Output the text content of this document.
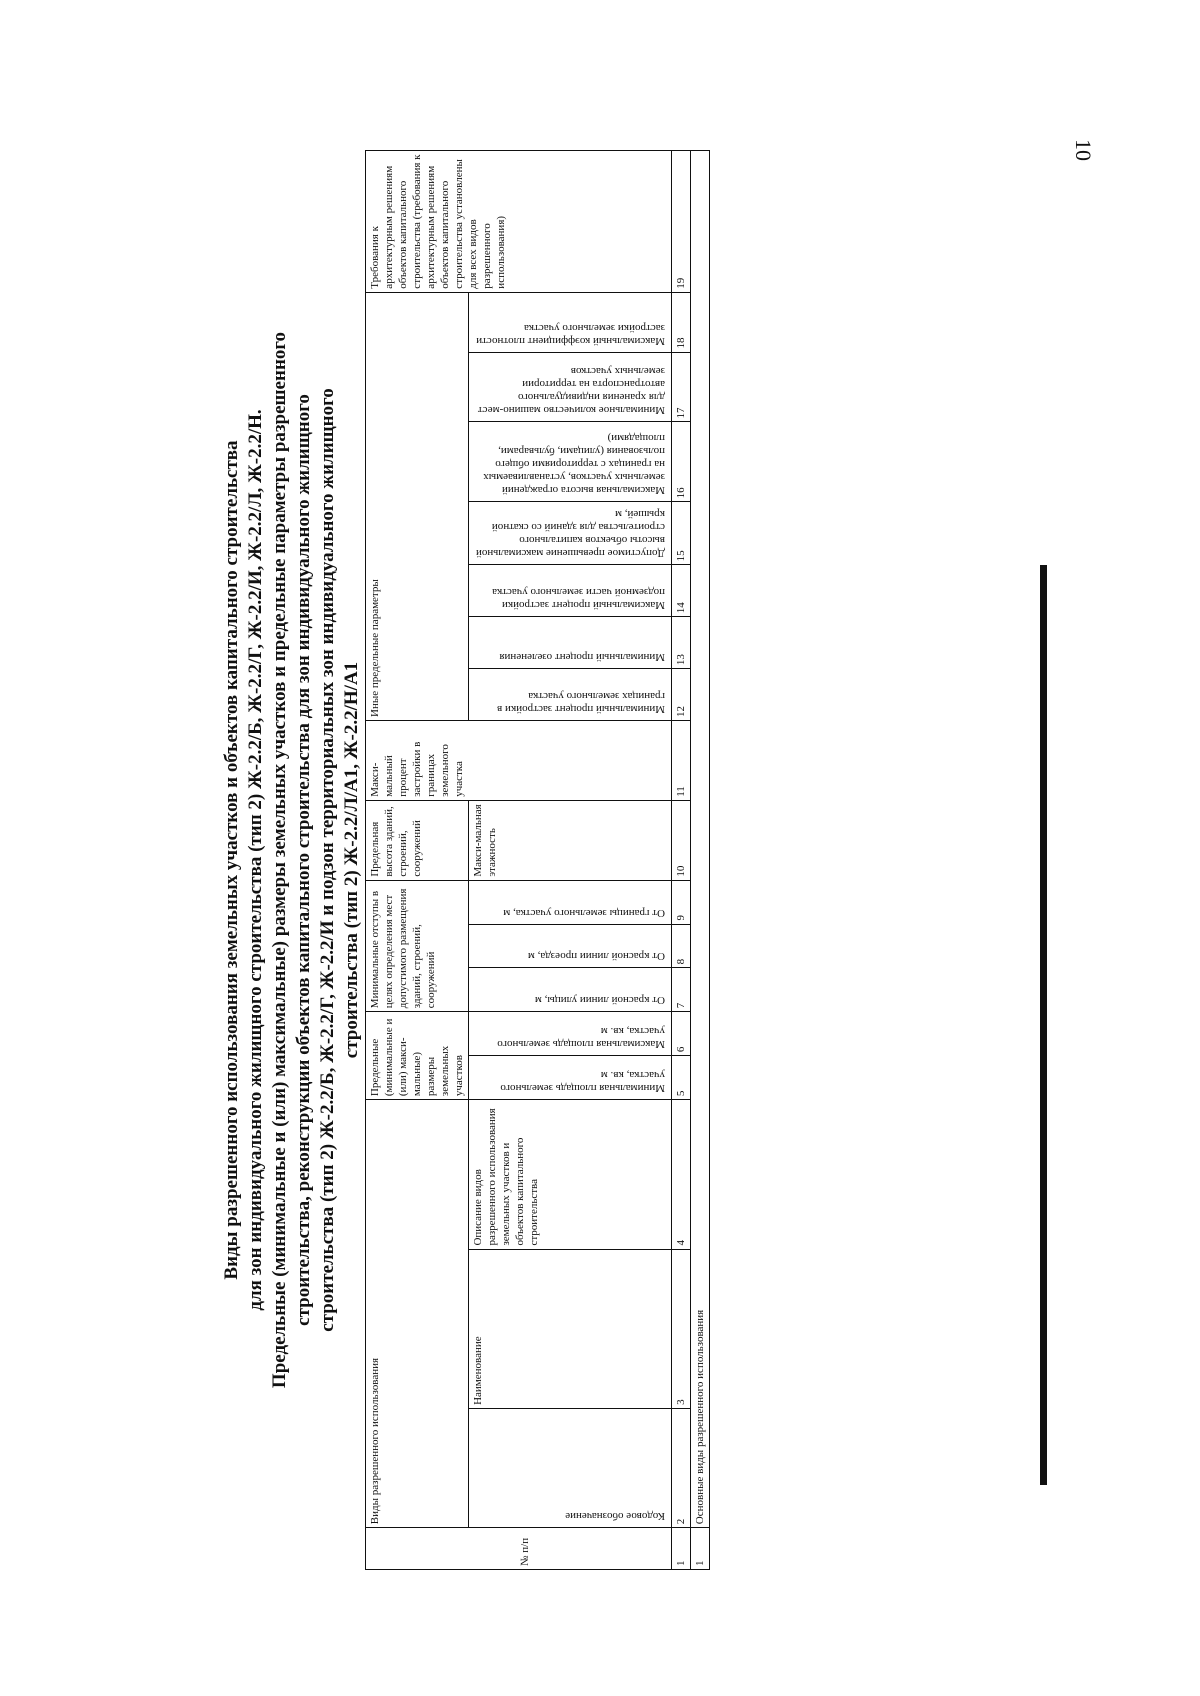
10
Виды разрешенного использования земельных участков и объектов капитального строительства для зон индивидуального жилищного строительства (тип 2) Ж-2.2/Б, Ж-2.2/Г, Ж-2.2/И, Ж-2.2/Л, Ж-2.2/Н. Предельные (минимальные и (или) максимальные) размеры земельных участков и предельные параметры разрешенного строительства, реконструкции объектов капитального строительства для зон индивидуального жилищного строительства (тип 2) Ж-2.2/Б, Ж-2.2/Г, Ж-2.2/И и подзон территориальных зон индивидуального жилищного строительства (тип 2) Ж-2.2/Л/А1, Ж-2.2/Н/А1
№ п/п	Виды разрешенного использования			Предельные (минимальные и (или) макси-мальные) размеры земельных участков		Минимальные отступы в целях определения мест допустимого размещения зданий, строений, сооружений			Предельная высота зданий, строений, сооружений	Макси-мальный процент застройки в границах земельного участка	Иные предельные параметры							Требования к архитектурным решениям объектов капитального строительства (требования к архитектурным решениям объектов капитального строительства установлены для всех видов разрешенного использования)

	Кодовое обозначение	Наименование	Описание видов разрешенного использования земельных участков и объектов капитального строительства	Минимальная площадь земельного участка, кв. м	Максимальная площадь земельного участка, кв. м	От красной линии улицы, м	От красной линии проезда, м	От границы земельного участка, м	Макси-мальная этажность		Минимальный процент застройки в границах земельного участка	Минимальный процент озеленения	Максимальный процент застройки подземной части земельного участка	Допустимое превышение максимальной высоты объектов капитального строительства для зданий со скатной крышей, м	Максимальная высота ограждений земельных участков, устанавливаемых на границах с территориями общего пользования (улицами, бульварами, площадями)	Минимальное количество машино-мест для хранения индивидуального автотранспорта на территории земельных участков	Максимальный коэффициент плотности застройки земельного участка	

1	2	3	4	5	6	7	8	9	10	11	12	13	14	15	16	17	18	19
1	Основные виды разрешенного использования																	
